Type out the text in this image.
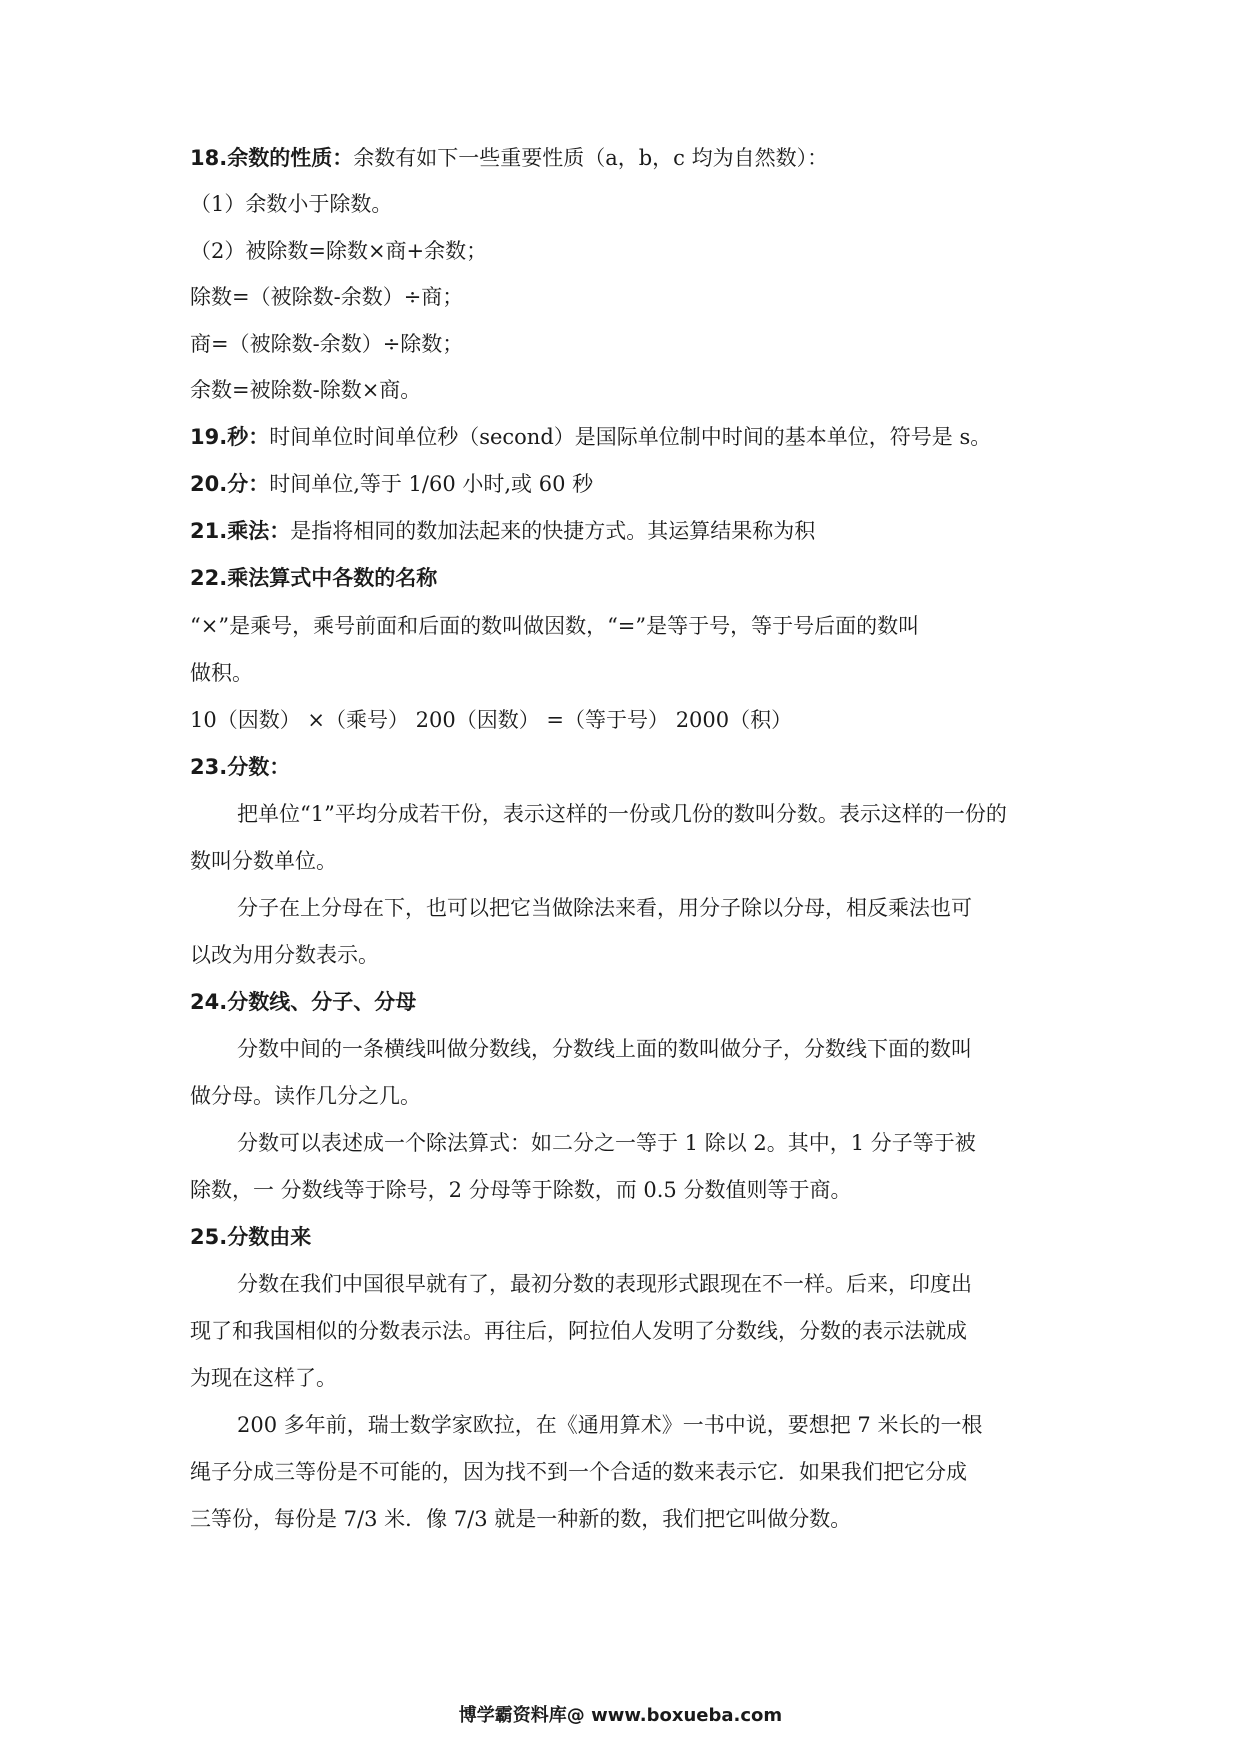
18.余数的性质：余数有如下一些重要性质（a，b，c 均为自然数）：
（1）余数小于除数。
（2）被除数=除数×商+余数；
除数=（被除数-余数）÷商；
商=（被除数-余数）÷除数；
余数=被除数-除数×商。
19.秒：时间单位时间单位秒（second）是国际单位制中时间的基本单位，符号是 s。
20.分：时间单位,等于 1/60 小时,或 60 秒
21.乘法：是指将相同的数加法起来的快捷方式。其运算结果称为积
22.乘法算式中各数的名称
“×”是乘号，乘号前面和后面的数叫做因数，“=”是等于号，等于号后面的数叫
做积。
10（因数） ×（乘号） 200（因数） =（等于号） 2000（积）
23.分数：
把单位“1”平均分成若干份，表示这样的一份或几份的数叫分数。表示这样的一份的
数叫分数单位。
分子在上分母在下，也可以把它当做除法来看，用分子除以分母，相反乘法也可
以改为用分数表示。
24.分数线、分子、分母
分数中间的一条横线叫做分数线，分数线上面的数叫做分子，分数线下面的数叫
做分母。读作几分之几。
分数可以表述成一个除法算式：如二分之一等于 1 除以 2。其中，1 分子等于被
除数，一 分数线等于除号，2 分母等于除数，而 0.5 分数值则等于商。
25.分数由来
分数在我们中国很早就有了，最初分数的表现形式跟现在不一样。后来，印度出
现了和我国相似的分数表示法。再往后，阿拉伯人发明了分数线，分数的表示法就成
为现在这样了。
200 多年前，瑞士数学家欧拉，在《通用算术》一书中说，要想把 7 米长的一根
绳子分成三等份是不可能的，因为找不到一个合适的数来表示它．如果我们把它分成
三等份，每份是 7/3 米．像 7/3 就是一种新的数，我们把它叫做分数。
博学霸资料库@ www.boxueba.com
